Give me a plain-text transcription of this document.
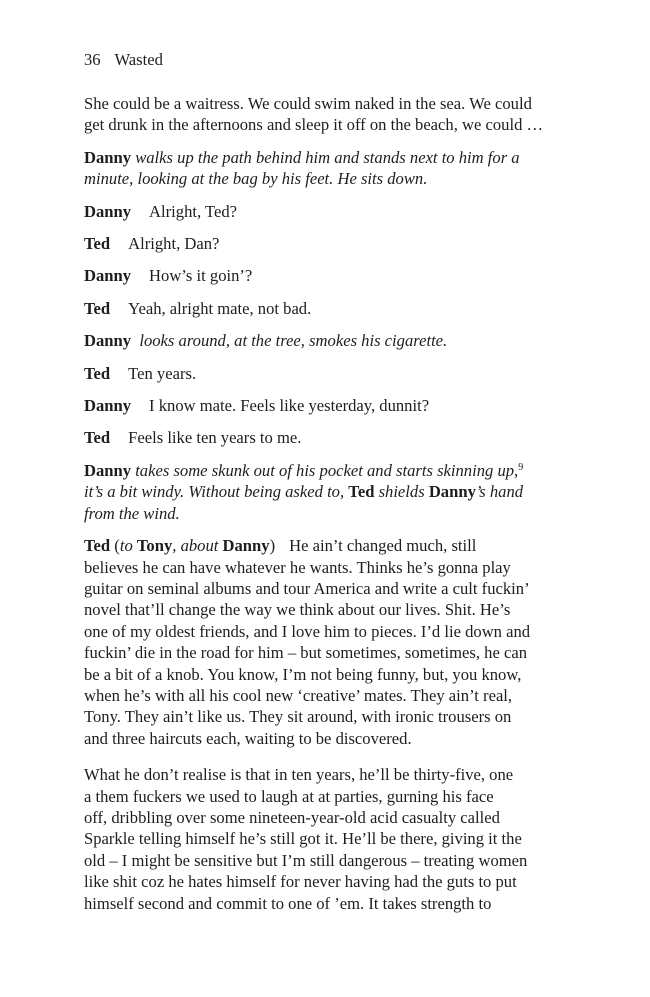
36 Wasted

She could be a waitress. We could swim naked in the sea. We could
get drunk in the afternoons and sleep it off on the beach, we could …

Danny walks up the path behind him and stands next to him for a
minute, looking at the bag by his feet. He sits down.

Danny Alright, Ted?

Ted Alright, Dan?

Danny How’s it goin’?

Ted Yeah, alright mate, not bad.

Danny looks around, at the tree, smokes his cigarette.

Ted Ten years.

Danny I know mate. Feels like yesterday, dunnit?

Ted Feels like ten years to me.

Danny takes some skunk out of his pocket and starts skinning up,$^9$
it’s a bit windy. Without being asked to, Ted shields Danny’s hand
from the wind.

Ted (to Tony, about Danny) He ain’t changed much, still
believes he can have whatever he wants. Thinks he’s gonna play
guitar on seminal albums and tour America and write a cult fuckin’
novel that’ll change the way we think about our lives. Shit. He’s
one of my oldest friends, and I love him to pieces. I’d lie down and
fuckin’ die in the road for him – but sometimes, sometimes, he can
be a bit of a knob. You know, I’m not being funny, but, you know,
when he’s with all his cool new ‘creative’ mates. They ain’t real,
Tony. They ain’t like us. They sit around, with ironic trousers on
and three haircuts each, waiting to be discovered.

What he don’t realise is that in ten years, he’ll be thirty-five, one
a them fuckers we used to laugh at at parties, gurning his face
off, dribbling over some nineteen-year-old acid casualty called
Sparkle telling himself he’s still got it. He’ll be there, giving it the
old – I might be sensitive but I’m still dangerous – treating women
like shit coz he hates himself for never having had the guts to put
himself second and commit to one of ’em. It takes strength to
